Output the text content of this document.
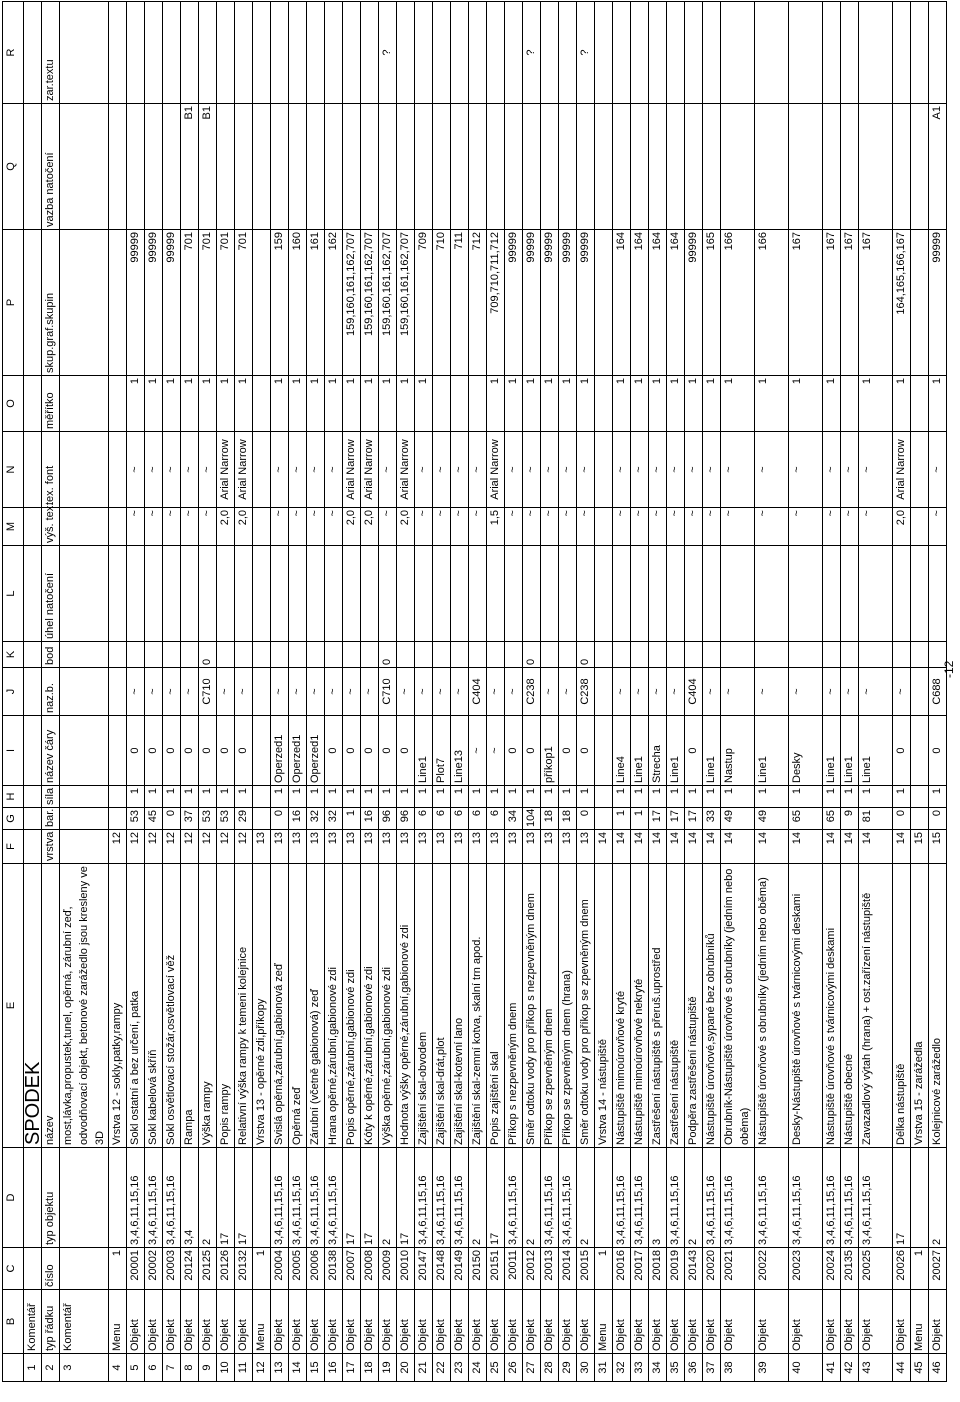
	B	C	D	E	F	G	H	I	J	K	L	M	N	O	P	Q	R
1	Komentář			SPODEK													
2	typ řádku	číslo	typ objektu	název	vrstva	bar.	síla	název čáry	naz.b.	bod	úhel natočení	výš. tex.	tex. font	měřítko	skup.graf.skupin	vazba natočení	zar.textu
3	Komentář			most,lávka,propustek,tunel, opěrná, zárubní zeď, odvodňovací objekt, betonové zarážedlo jsou kresleny ve 3D													
4	Menu	1		Vrstva 12 - sokly,patky,rampy	12												
5	Objekt	20001	3,4,6,11,15,16	Sokl ostatní a bez určení, patka	12	53	1	0	~			~	~	1	99999		
6	Objekt	20002	3,4,6,11,15,16	Sokl kabelová skříň	12	45	1	0	~			~	~	1	99999		
7	Objekt	20003	3,4,6,11,15,16	Sokl osvětlovací stožár,osvětlovací věž	12	0	1	0	~			~	~	1	99999		
8	Objekt	20124	3,4	Rampa	12	37	1	0	~			~	~	1	701	B1	
9	Objekt	20125	2	Výška rampy	12	53	1	0	C710	0		~	~	1	701	B1	
10	Objekt	20126	17	Popis rampy	12	53	1	0	~			2,0	Arial Narrow	1	701		
11	Objekt	20132	17	Relativní výška rampy k temeni kolejnice	12	29	1	0	~			2,0	Arial Narrow	1	701		
12	Menu	1		Vrstva 13 - opěrné zdi,příkopy	13												
13	Objekt	20004	3,4,6,11,15,16	Svislá opěrná,zárubní,gabionová zeď	13	0	1	Operzed1	~			~	~	1	159		
14	Objekt	20005	3,4,6,11,15,16	Opěrná zeď	13	16	1	Operzed1	~			~	~	1	160		
15	Objekt	20006	3,4,6,11,15,16	Zárubní (včetně gabionová) zeď	13	32	1	Operzed1	~			~	~	1	161		
16	Objekt	20138	3,4,6,11,15,16	Hrana opěrné,zárubní,gabionové zdi	13	32	1	0	~			~	~	1	162		
17	Objekt	20007	17	Popis opěrné,zárubní,gabionové zdi	13	1	1	0	~			2,0	Arial Narrow	1	159,160,161,162,707		
18	Objekt	20008	17	Kóty k opěrné,zárubní,gabionové zdi	13	16	1	0	~			2,0	Arial Narrow	1	159,160,161,162,707		
19	Objekt	20009	2	Výška opěrné,zárubní,gabionové zdi	13	96	1	0	C710	0		~	~	1	159,160,161,162,707		?
20	Objekt	20010	17	Hodnota výšky opěrné,zárubní,gabionové zdi	13	96	1	0	~			2,0	Arial Narrow	1	159,160,161,162,707		
21	Objekt	20147	3,4,6,11,15,16	Zajištění skal-obvodem	13	6	1	Line1	~			~	~	1	709		
22	Objekt	20148	3,4,6,11,15,16	Zajištění skal-drát,plot	13	6	1	Plot7	~			~	~		710		
23	Objekt	20149	3,4,6,11,15,16	Zajištění skal-kotevní lano	13	6	1	Line13	~			~	~		711		
24	Objekt	20150	2	Zajištění skal-zemní kotva, skalní trn apod.	13	6	1	~	C404			~	~		712		
25	Objekt	20151	17	Popis zajištění skal	13	6	1	~	~			1,5	Arial Narrow	1	709,710,711,712		
26	Objekt	20011	3,4,6,11,15,16	Příkop s nezpevněným dnem	13	34	1	0	~			~	~	1	99999		
27	Objekt	20012	2	Směr odtoku vody pro příkop s nezpevněným dnem	13	104	1	0	C238	0		~	~	1	99999		?
28	Objekt	20013	3,4,6,11,15,16	Příkop se zpevněným dnem	13	18	1	příkop1	~			~	~	1	99999		
29	Objekt	20014	3,4,6,11,15,16	Příkop se zpevněným dnem (hrana)	13	18	1	0	~			~	~	1	99999		
30	Objekt	20015	2	Směr odtoku vody pro příkop se zpevněným dnem	13	0	1	0	C238	0		~	~	1	99999		?
31	Menu	1		Vrstva 14 - nástupiště	14												
32	Objekt	20016	3,4,6,11,15,16	Nástupiště mimoúrovňové kryté	14	1	1	Line4	~			~	~	1	164		
33	Objekt	20017	3,4,6,11,15,16	Nástupiště mimoúrovňové nekryté	14	1	1	Line1	~			~	~	1	164		
34	Objekt	20018	3	Zastřešení nástupiště s přeruš.uprostřed	14	17	1	Strecha	~			~	~	1	164		
35	Objekt	20019	3,4,6,11,15,16	Zastřešení nástupiště	14	17	1	Line1	~			~	~	1	164		
36	Objekt	20143	2	Podpěra zastřešení nástupiště	14	17	1	0	C404			~	~	1	99999		
37	Objekt	20020	3,4,6,11,15,16	Nástupiště úrovňové,sypané bez obrubníků	14	33	1	Line1	~			~	~	1	165		
38	Objekt	20021	3,4,6,11,15,16	Obrubník-Nástupiště úrovňové s obrubníky (jedním nebo oběma)	14	49	1	Nastup	~			~	~	1	166		
39	Objekt	20022	3,4,6,11,15,16	Nástupiště úrovňové s obrubníky (jedním nebo oběma)	14	49	1	Line1	~			~	~	1	166		
40	Objekt	20023	3,4,6,11,15,16	Desky-Nástupiště úrovňové s tvárnicovými deskami	14	65	1	Desky	~			~	~	1	167		
41	Objekt	20024	3,4,6,11,15,16	Nástupiště úrovňové s tvárnicovými deskami	14	65	1	Line1	~			~	~	1	167		
42	Objekt	20135	3,4,6,11,15,16	Nástupiště obecné	14	9	1	Line1	~			~	~		167		
43	Objekt	20025	3,4,6,11,15,16	Zavazadlový výtah (hrana) + ost.zařízení nástupiště	14	81	1	Line1	~			~	~	1	167		
44	Objekt	20026	17	Délka nástupiště	14	0	1	0	~			2,0	Arial Narrow	1	164,165,166,167		
45	Menu	1		Vrstva 15 - zarážedla	15												
46	Objekt	20027	2	Kolejnicové zarážedlo	15	0	1	0	C688			~	~	1	99999	A1	
-12
